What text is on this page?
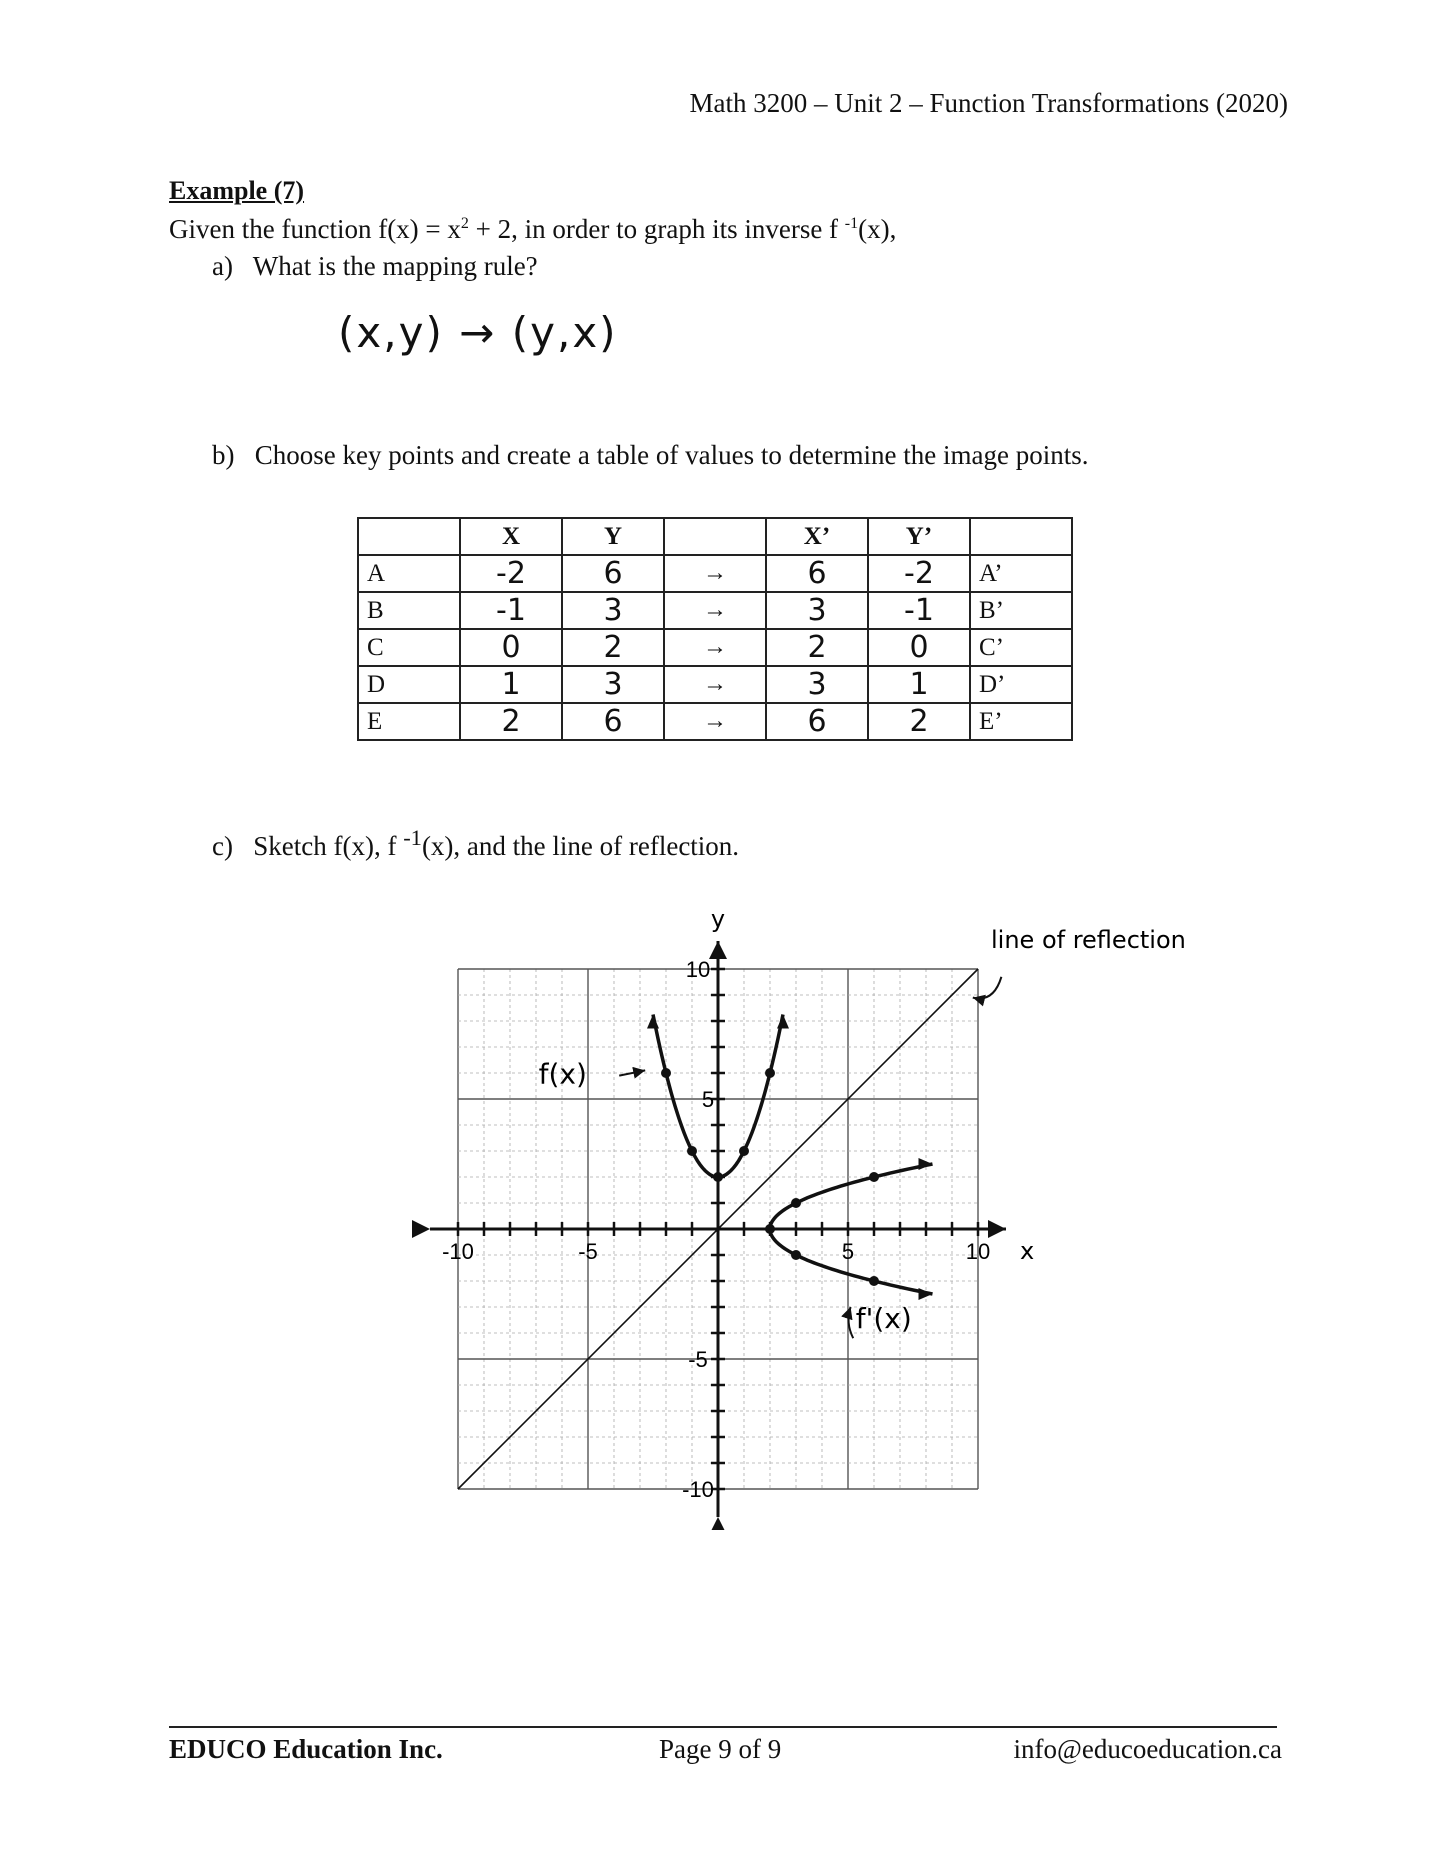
Math 3200 – Unit 2 – Function Transformations (2020)
Example (7)
Given the function $f(x) = x^2 + 2$, in order to graph its inverse f $^{-1}$(x),
a) What is the mapping rule?
(x,y) → (y,x)
b) Choose key points and create a table of values to determine the image points.
	X	Y		X’	Y’	
A	-2	6	→	6	-2	A’
B	-1	3	→	3	-1	B’
C	0	2	→	2	0	C’
D	1	3	→	3	1	D’
E	2	6	→	6	2	E’
c) Sketch f(x), f $^{-1}$(x), and the line of reflection.
-10	-5	5	10
10
5
-5
-10
x
y
f(x)
f'(x)
line of reflection
EDUCO Education Inc.	Page 9 of 9	info@educoeducation.ca
